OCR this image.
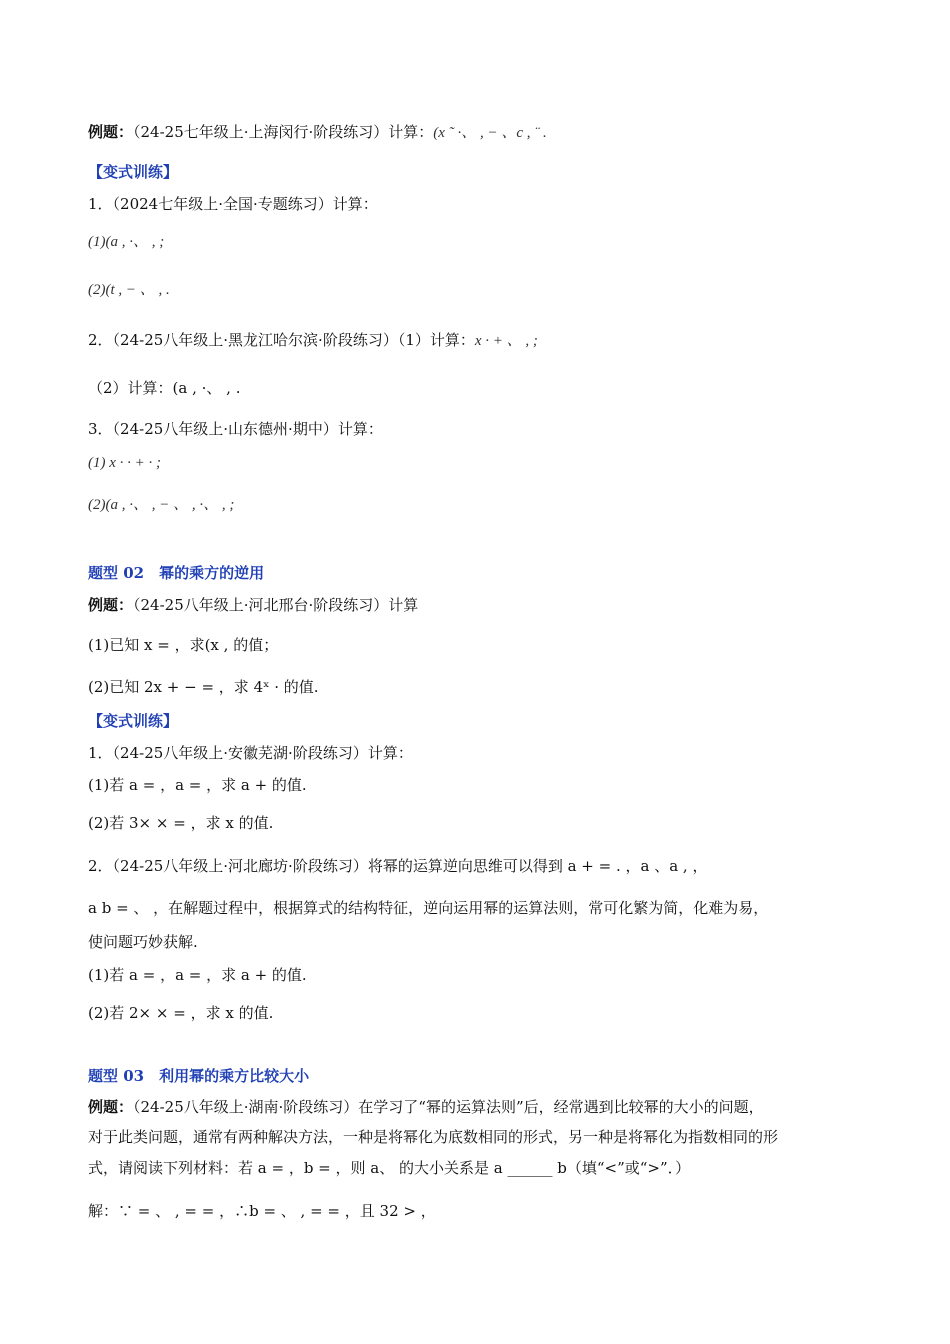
例题：（24-25七年级上·上海闵行·阶段练习）计算：(x ˜ ·、 , − 、c , ¨ .
【变式训练】
1．（2024七年级上·全国·专题练习）计算：
(1)(a , ·、 , ;
(2)(t , − 、 , .
2．（24-25八年级上·黑龙江哈尔滨·阶段练习）（1）计算：x · + 、 , ;
（2）计算：(a , ·、 , .
3．（24-25八年级上·山东德州·期中）计算：
(1) x · · + · ;
(2)(a , ·、 , − 、 , ·、 , ;
题型 02　幂的乘方的逆用
例题：（24-25八年级上·河北邢台·阶段练习）计算
(1)已知 x = ，求(x , 的值；
(2)已知 2x + − = ，求 4ˣ · 的值.
【变式训练】
1．（24-25八年级上·安徽芜湖·阶段练习）计算：
(1)若 a = ，a = ，求 a + 的值.
(2)若 3× × = ，求 x 的值.
2．（24-25八年级上·河北廊坊·阶段练习）将幂的运算逆向思维可以得到 a + = . ，a 、a , ，
a b = 、 ，在解题过程中，根据算式的结构特征，逆向运用幂的运算法则，常可化繁为简，化难为易，
使问题巧妙获解.
(1)若 a = ，a = ，求 a + 的值.
(2)若 2× × = ，求 x 的值.
题型 03　利用幂的乘方比较大小
例题：（24-25八年级上·湖南·阶段练习）在学习了“幂的运算法则”后，经常遇到比较幂的大小的问题，
对于此类问题，通常有两种解决方法，一种是将幂化为底数相同的形式，另一种是将幂化为指数相同的形
式，请阅读下列材料：若 a = ，b = ，则 a、 的大小关系是 a ______ b（填“<”或“>”．）
解：∵ = 、 , = = ，∴b = 、 , = = ，且 32 > ，
